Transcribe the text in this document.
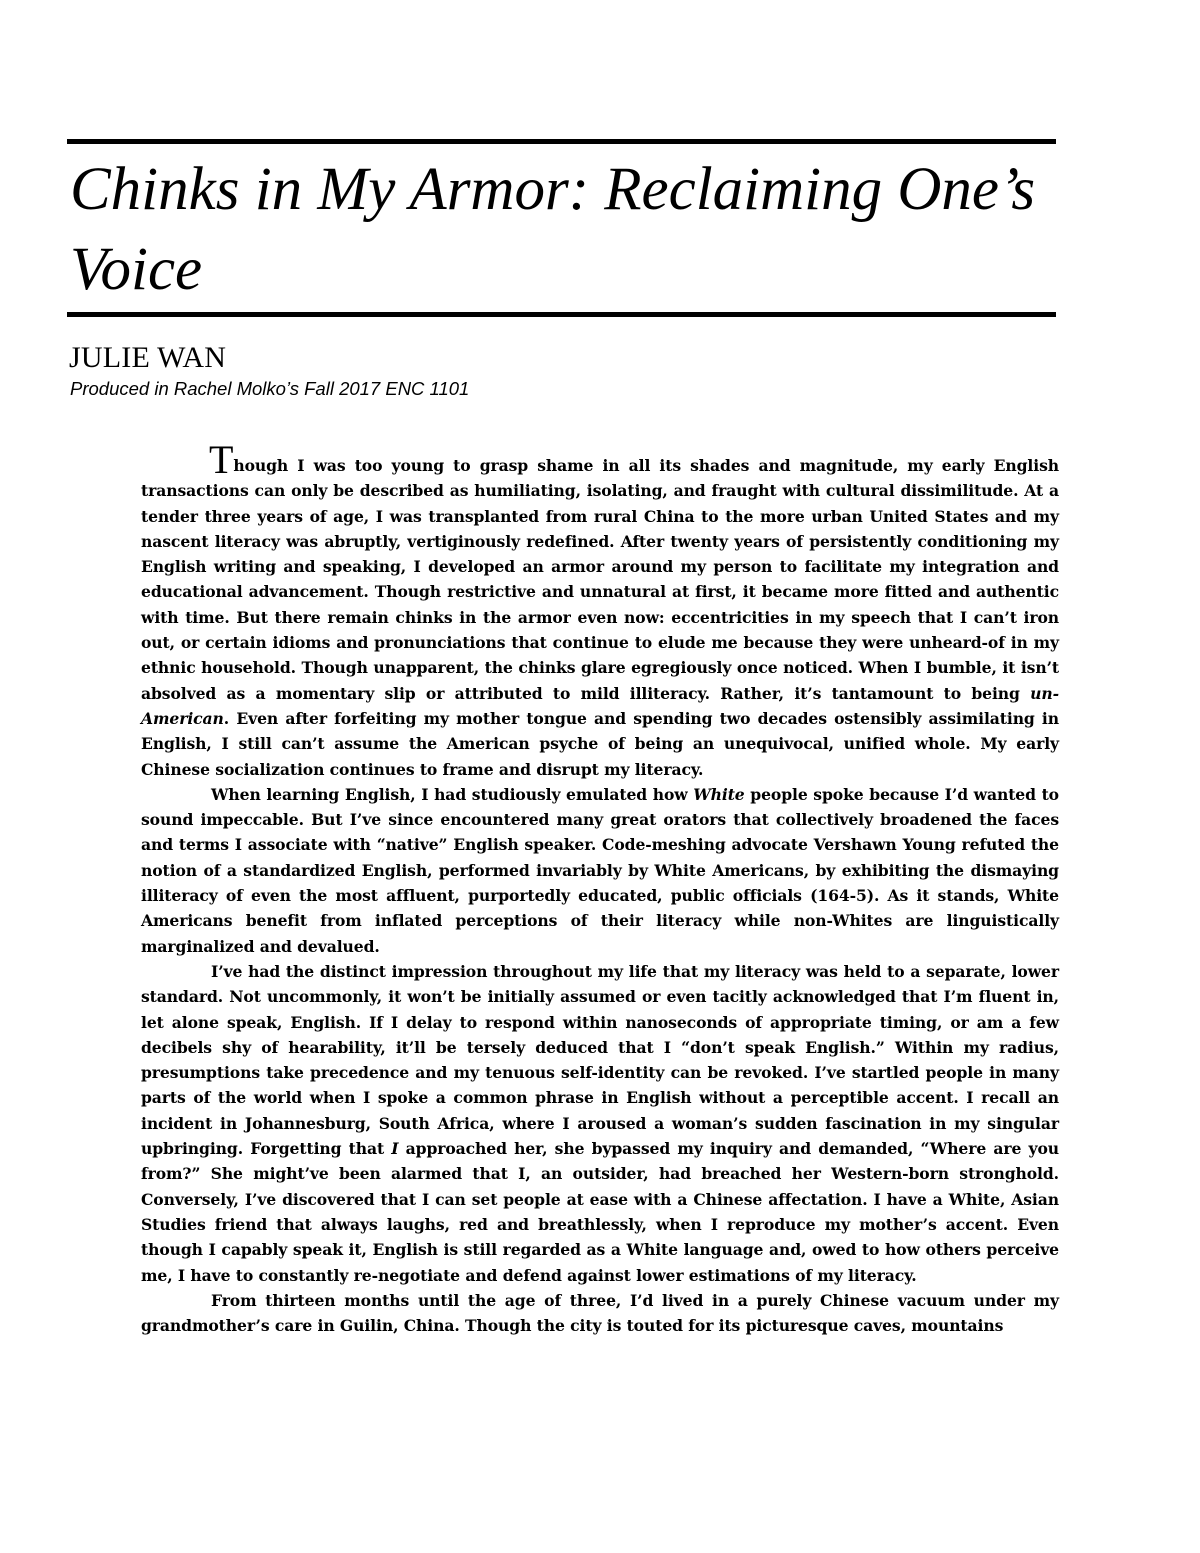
Chinks in My Armor: Reclaiming One’s Voice
JULIE WAN
Produced in Rachel Molko’s Fall 2017 ENC 1101

Though I was too young to grasp shame in all its shades and magnitude, my early English transactions can only be described as humiliating, isolating, and fraught with cultural dissimilitude. At a tender three years of age, I was transplanted from rural China to the more urban United States and my nascent literacy was abruptly, vertiginously redefined. After twenty years of persistently conditioning my English writing and speaking, I developed an armor around my person to facilitate my integration and educational advancement. Though restrictive and unnatural at first, it became more fitted and authentic with time. But there remain chinks in the armor even now: eccentricities in my speech that I can’t iron out, or certain idioms and pronunciations that continue to elude me because they were unheard-of in my ethnic household. Though unapparent, the chinks glare egregiously once noticed. When I bumble, it isn’t absolved as a momentary slip or attributed to mild illiteracy. Rather, it’s tantamount to being un-American. Even after forfeiting my mother tongue and spending two decades ostensibly assimilating in English, I still can’t assume the American psyche of being an unequivocal, unified whole. My early Chinese socialization continues to frame and disrupt my literacy.

When learning English, I had studiously emulated how White people spoke because I’d wanted to sound impeccable. But I’ve since encountered many great orators that collectively broadened the faces and terms I associate with “native” English speaker. Code-meshing advocate Vershawn Young refuted the notion of a standardized English, performed invariably by White Americans, by exhibiting the dismaying illiteracy of even the most affluent, purportedly educated, public officials (164-5). As it stands, White Americans benefit from inflated perceptions of their literacy while non-Whites are linguistically marginalized and devalued.

I’ve had the distinct impression throughout my life that my literacy was held to a separate, lower standard. Not uncommonly, it won’t be initially assumed or even tacitly acknowledged that I’m fluent in, let alone speak, English. If I delay to respond within nanoseconds of appropriate timing, or am a few decibels shy of hearability, it’ll be tersely deduced that I “don’t speak English.” Within my radius, presumptions take precedence and my tenuous self-identity can be revoked. I’ve startled people in many parts of the world when I spoke a common phrase in English without a perceptible accent. I recall an incident in Johannesburg, South Africa, where I aroused a woman’s sudden fascination in my singular upbringing. Forgetting that I approached her, she bypassed my inquiry and demanded, “Where are you from?” She might’ve been alarmed that I, an outsider, had breached her Western-born stronghold. Conversely, I’ve discovered that I can set people at ease with a Chinese affectation. I have a White, Asian Studies friend that always laughs, red and breathlessly, when I reproduce my mother’s accent. Even though I capably speak it, English is still regarded as a White language and, owed to how others perceive me, I have to constantly re-negotiate and defend against lower estimations of my literacy.

From thirteen months until the age of three, I’d lived in a purely Chinese vacuum under my grandmother’s care in Guilin, China. Though the city is touted for its picturesque caves, mountains
